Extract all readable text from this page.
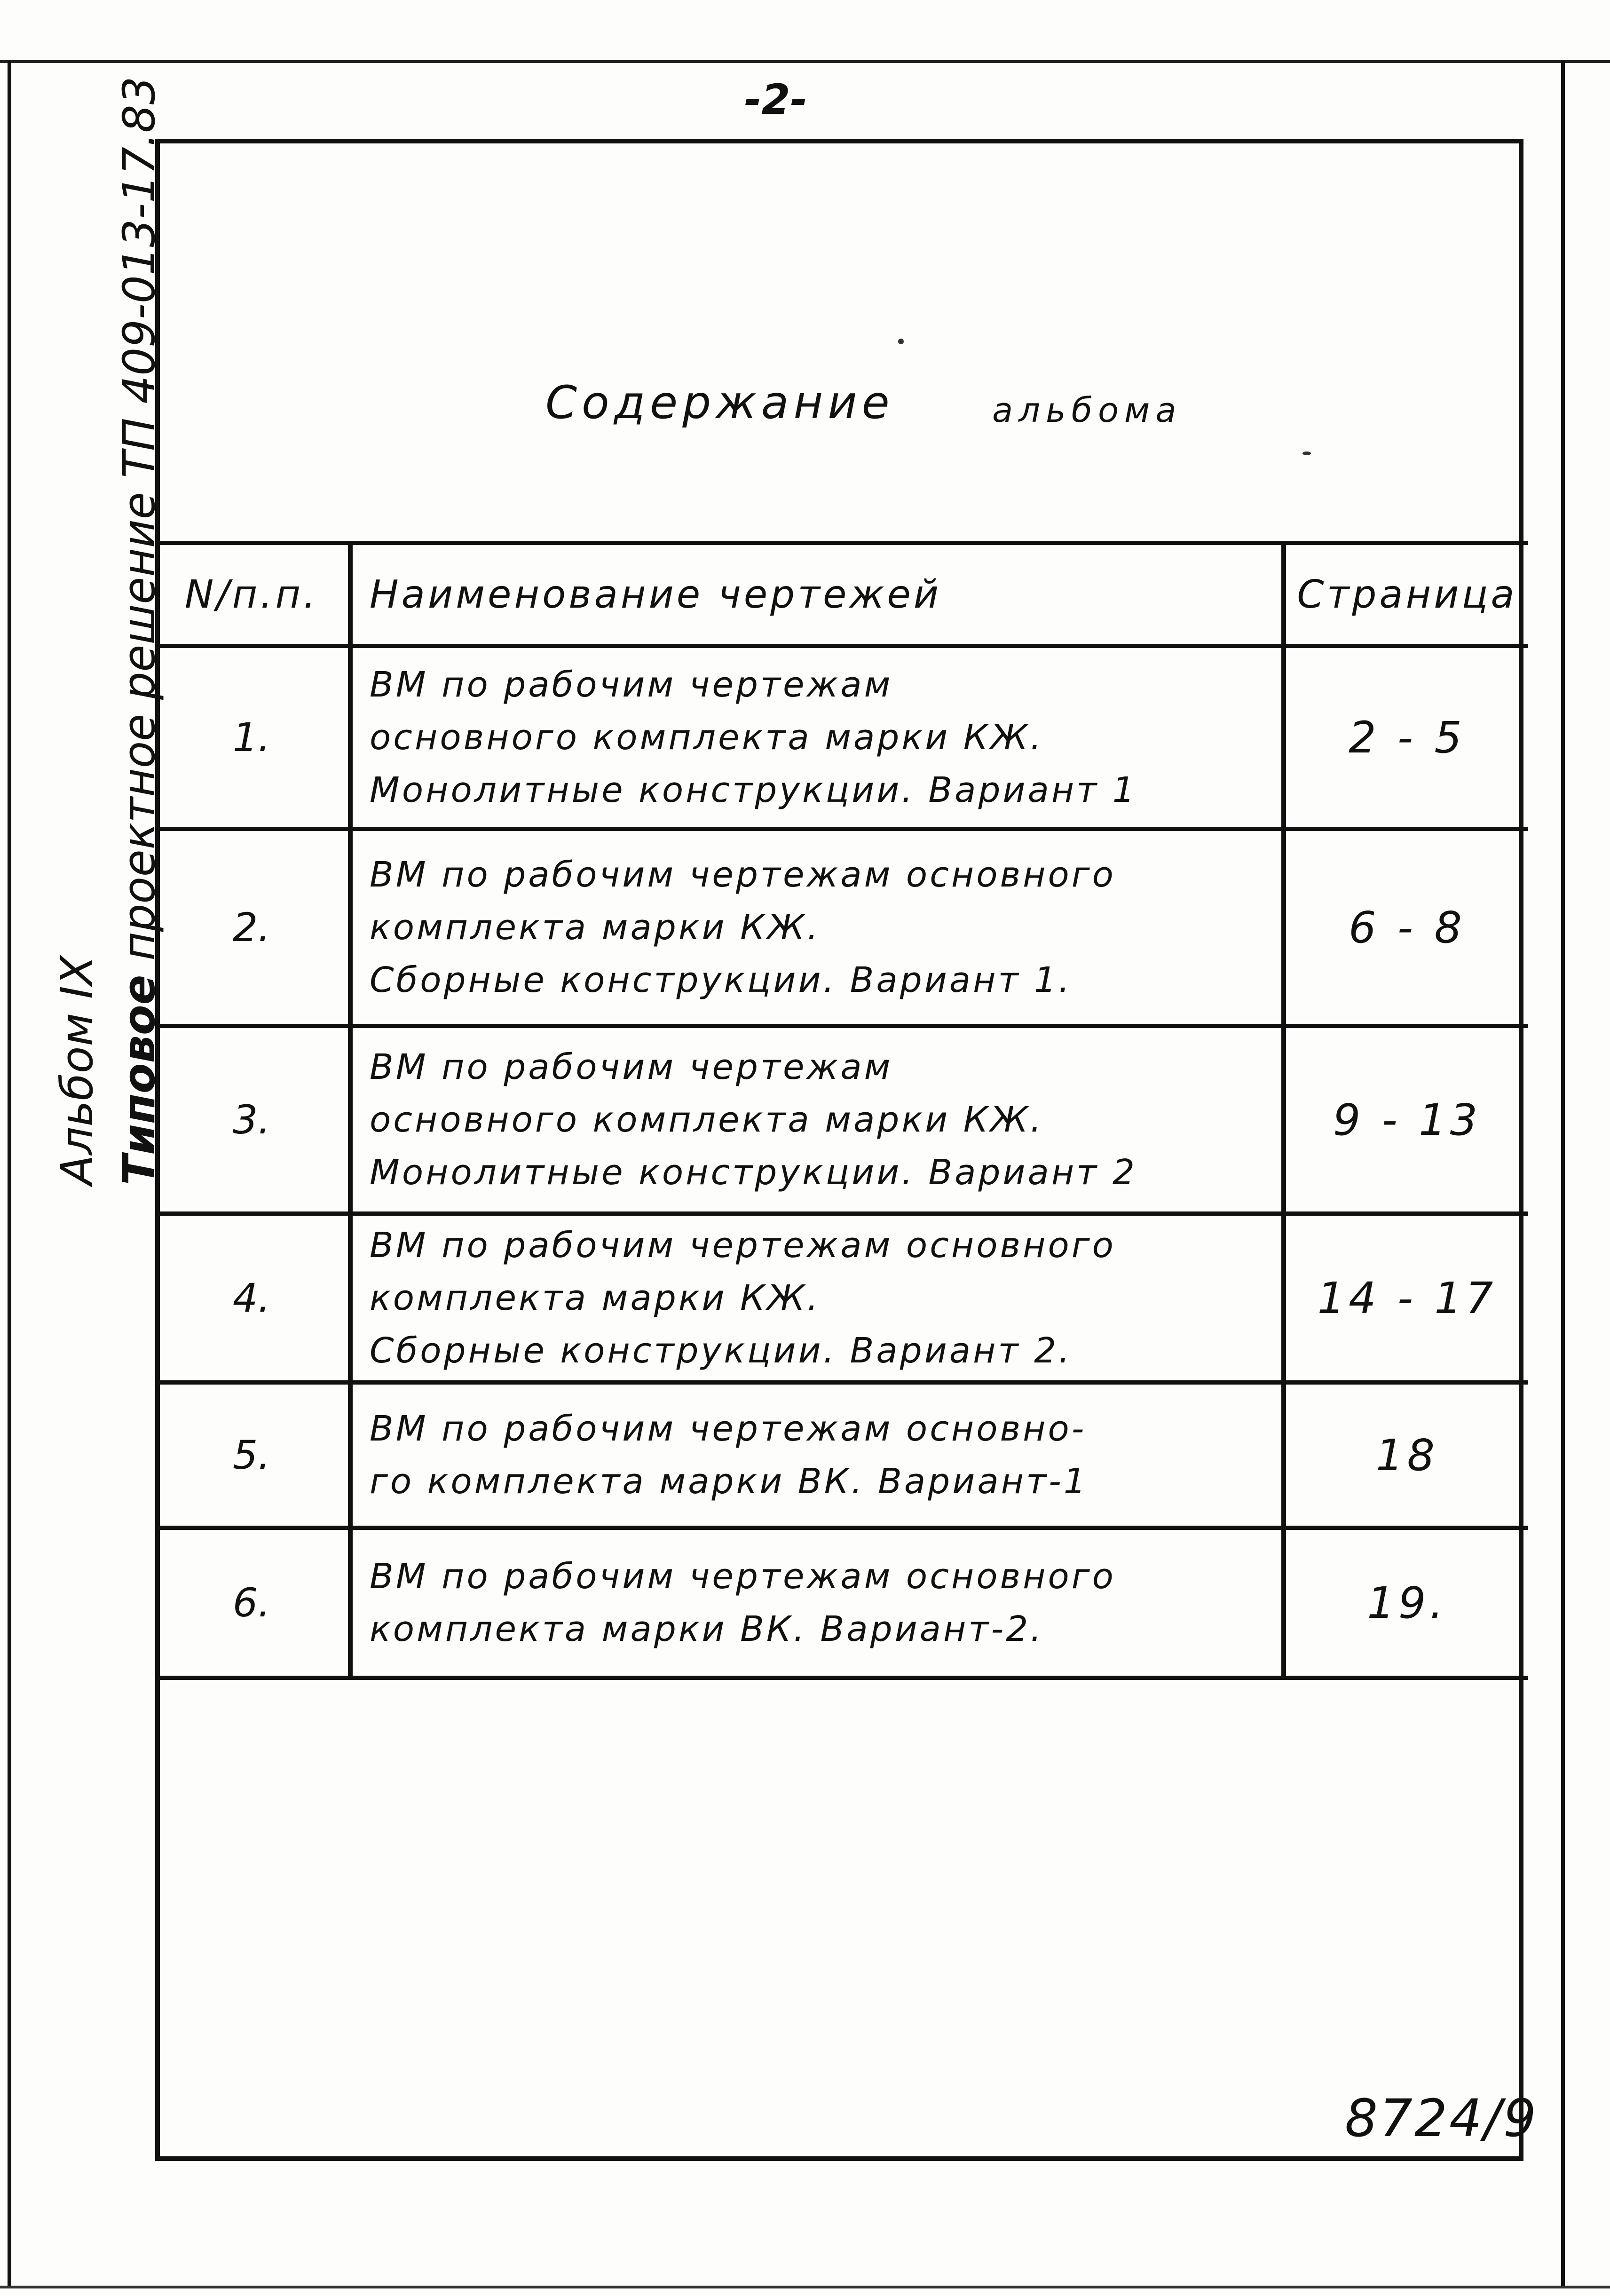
-2-
Альбом IX Типовое проектное решение ТП 409-013-17.83	Содержание	альбома
N/п.п.	Наименование чертежей	Страница
1.	ВМ по рабочим чертежам
основного комплекта марки КЖ.
Монолитные конструкции. Вариант 1	2 - 5
2.	ВМ по рабочим чертежам основного
комплекта марки КЖ.
Сборные конструкции. Вариант 1.	6 - 8
3.	ВМ по рабочим чертежам
основного комплекта марки КЖ.
Монолитные конструкции. Вариант 2	9 - 13
4.	ВМ по рабочим чертежам основного
комплекта марки КЖ.
Сборные конструкции. Вариант 2.	14 - 17
5.	ВМ по рабочим чертежам основно-
го комплекта марки ВК. Вариант-1	18
6.	ВМ по рабочим чертежам основного
комплекта марки ВК. Вариант-2.	19.
8724/9
